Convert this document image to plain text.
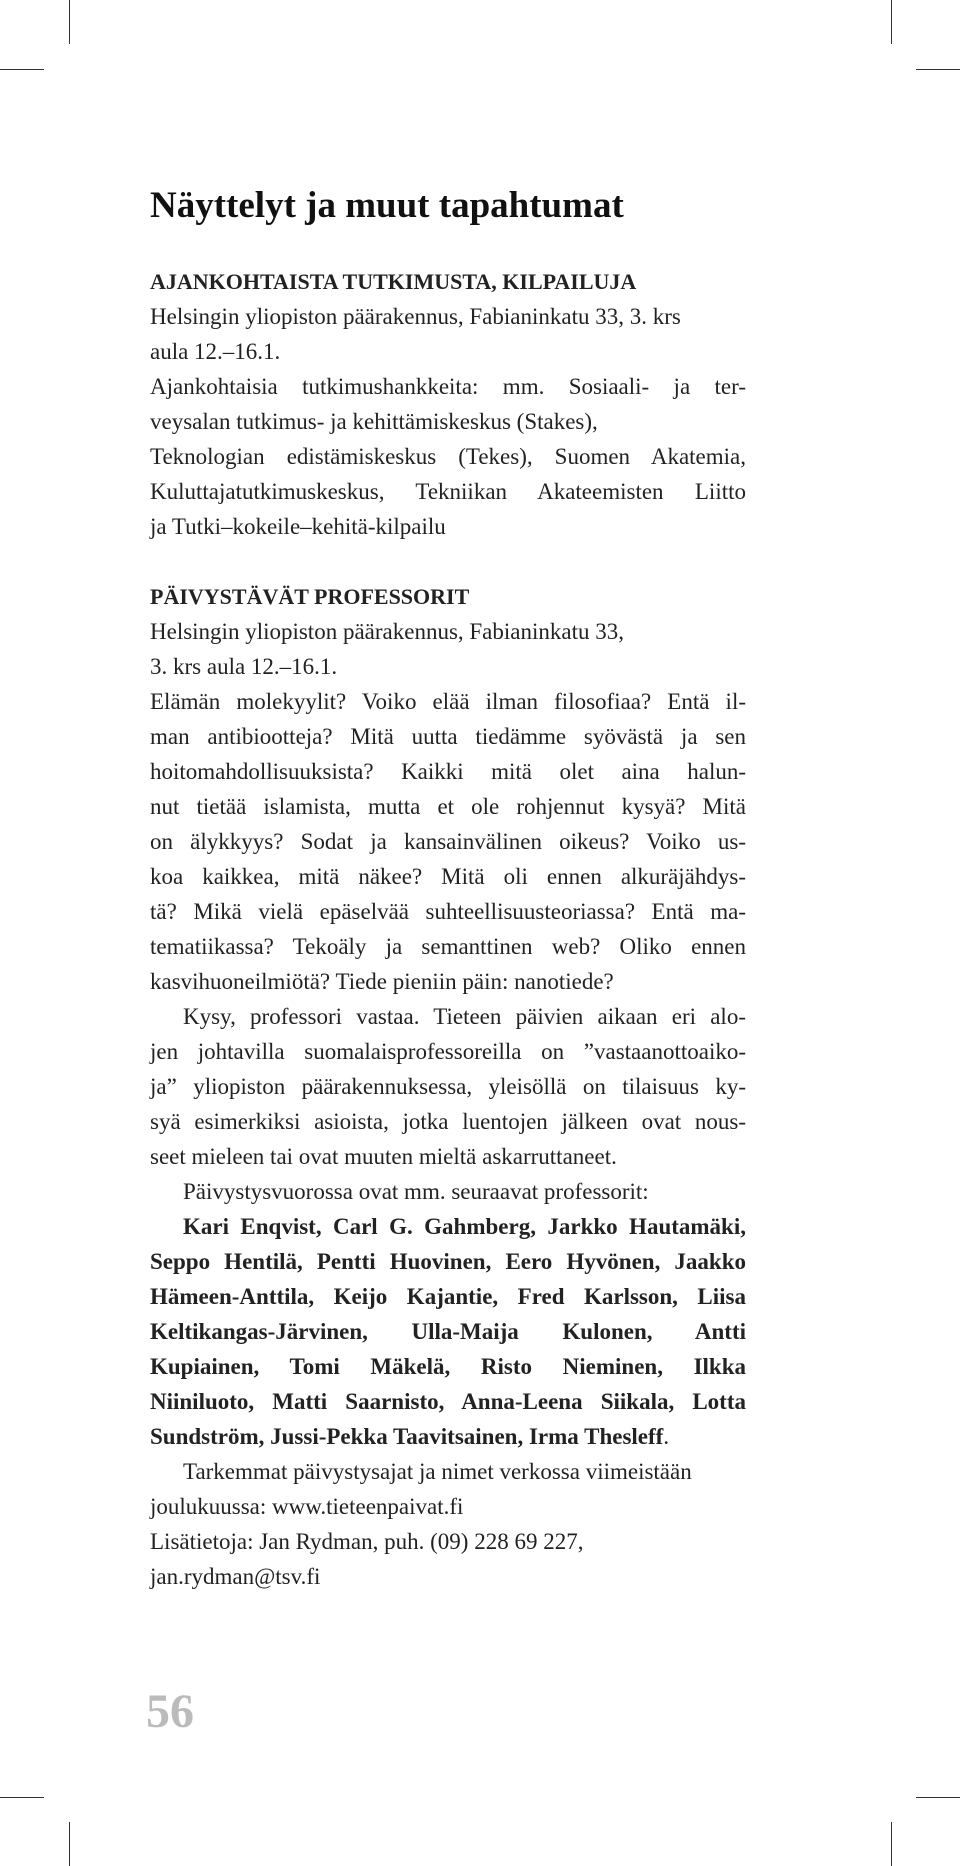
Näyttelyt ja muut tapahtumat

AJANKOHTAISTA TUTKIMUSTA, KILPAILUJA

Helsingin yliopiston päärakennus, Fabianinkatu 33, 3. krs

aula 12.–16.1.

Ajankohtaisia tutkimushankkeita: mm. Sosiaali- ja ter-

veysalan tutkimus- ja kehittämiskeskus (Stakes),

Teknologian edistämiskeskus (Tekes), Suomen Akatemia,

Kuluttajatutkimuskeskus, Tekniikan Akateemisten Liitto

ja Tutki–kokeile–kehitä-kilpailu

PÄIVYSTÄVÄT PROFESSORIT

Helsingin yliopiston päärakennus, Fabianinkatu 33,

3. krs aula 12.–16.1.

Elämän molekyylit? Voiko elää ilman filosofiaa? Entä il-

man antibiootteja? Mitä uutta tiedämme syövästä ja sen

hoitomahdollisuuksista? Kaikki mitä olet aina halun-

nut tietää islamista, mutta et ole rohjennut kysyä? Mitä

on älykkyys? Sodat ja kansainvälinen oikeus? Voiko us-

koa kaikkea, mitä näkee? Mitä oli ennen alkuräjähdys-

tä? Mikä vielä epäselvää suhteellisuusteoriassa? Entä ma-

tematiikassa? Tekoäly ja semanttinen web? Oliko ennen

kasvihuoneilmiötä? Tiede pieniin päin: nanotiede?

Kysy, professori vastaa. Tieteen päivien aikaan eri alo-

jen johtavilla suomalaisprofessoreilla on ”vastaanottoaiko-

ja” yliopiston päärakennuksessa, yleisöllä on tilaisuus ky-

syä esimerkiksi asioista, jotka luentojen jälkeen ovat nous-

seet mieleen tai ovat muuten mieltä askarruttaneet.

Päivystysvuorossa ovat mm. seuraavat professorit:

Kari Enqvist, Carl G. Gahmberg, Jarkko Hautamäki,

Seppo Hentilä, Pentti Huovinen, Eero Hyvönen, Jaakko

Hämeen-Anttila, Keijo Kajantie, Fred Karlsson, Liisa

Keltikangas-Järvinen, Ulla-Maija Kulonen, Antti

Kupiainen, Tomi Mäkelä, Risto Nieminen, Ilkka

Niiniluoto, Matti Saarnisto, Anna-Leena Siikala, Lotta

Sundström, Jussi-Pekka Taavitsainen, Irma Thesleff.

Tarkemmat päivystysajat ja nimet verkossa viimeistään

joulukuussa: www.tieteenpaivat.fi

Lisätietoja: Jan Rydman, puh. (09) 228 69 227,

jan.rydman@tsv.fi

56
